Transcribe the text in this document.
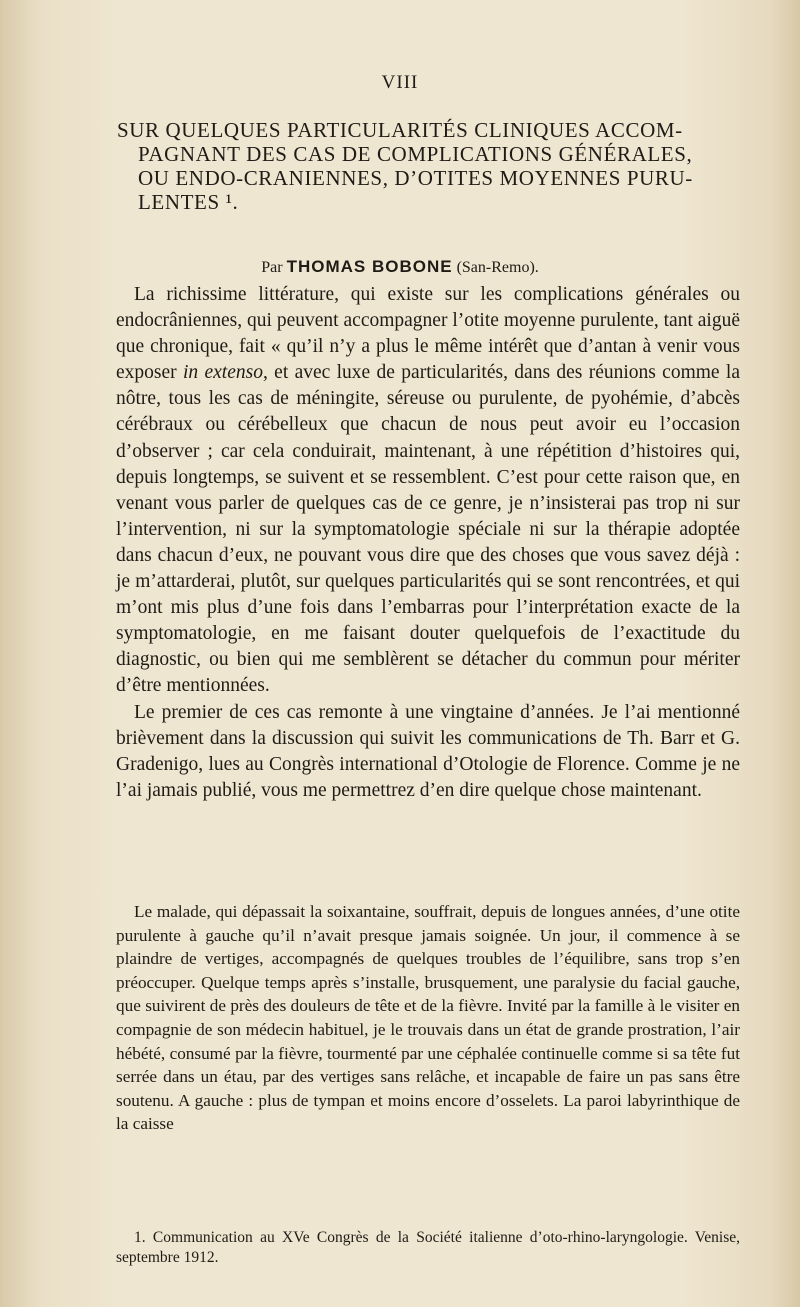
VIII
SUR QUELQUES PARTICULARITÉS CLINIQUES ACCOM-
PAGNANT DES CAS DE COMPLICATIONS GÉNÉRALES,
OU ENDO-CRANIENNES, D’OTITES MOYENNES PURU-
LENTES ¹.
Par THOMAS BOBONE (San-Remo).

La richissime littérature, qui existe sur les complications générales ou endocrâniennes, qui peuvent accompagner l’otite moyenne purulente, tant aiguë que chronique, fait « qu’il n’y a plus le même intérêt que d’antan à venir vous exposer in extenso, et avec luxe de particularités, dans des réunions comme la nôtre, tous les cas de méningite, séreuse ou purulente, de pyohémie, d’abcès cérébraux ou cérébelleux que chacun de nous peut avoir eu l’occasion d’observer ; car cela conduirait, maintenant, à une répétition d’histoires qui, depuis longtemps, se suivent et se ressemblent. C’est pour cette raison que, en venant vous parler de quelques cas de ce genre, je n’insisterai pas trop ni sur l’intervention, ni sur la symptomatologie spéciale ni sur la thérapie adoptée dans chacun d’eux, ne pouvant vous dire que des choses que vous savez déjà : je m’attarderai, plutôt, sur quelques particularités qui se sont rencontrées, et qui m’ont mis plus d’une fois dans l’embarras pour l’interprétation exacte de la symptomatologie, en me faisant douter quelquefois de l’exactitude du diagnostic, ou bien qui me semblèrent se détacher du commun pour mériter d’être mentionnées.

Le premier de ces cas remonte à une vingtaine d’années. Je l’ai mentionné brièvement dans la discussion qui suivit les communications de Th. Barr et G. Gradenigo, lues au Congrès international d’Otologie de Florence. Comme je ne l’ai jamais publié, vous me permettrez d’en dire quelque chose maintenant.

Le malade, qui dépassait la soixantaine, souffrait, depuis de longues années, d’une otite purulente à gauche qu’il n’avait presque jamais soignée. Un jour, il commence à se plaindre de vertiges, accompagnés de quelques troubles de l’équilibre, sans trop s’en préoccuper. Quelque temps après s’installe, brusquement, une paralysie du facial gauche, que suivirent de près des douleurs de tête et de la fièvre. Invité par la famille à le visiter en compagnie de son médecin habituel, je le trouvais dans un état de grande prostration, l’air hébété, consumé par la fièvre, tourmenté par une céphalée continuelle comme si sa tête fut serrée dans un étau, par des vertiges sans relâche, et incapable de faire un pas sans être soutenu. A gauche : plus de tympan et moins encore d’osselets. La paroi labyrinthique de la caisse

1. Communication au XVe Congrès de la Société italienne d’oto-rhino-laryngologie. Venise, septembre 1912.
